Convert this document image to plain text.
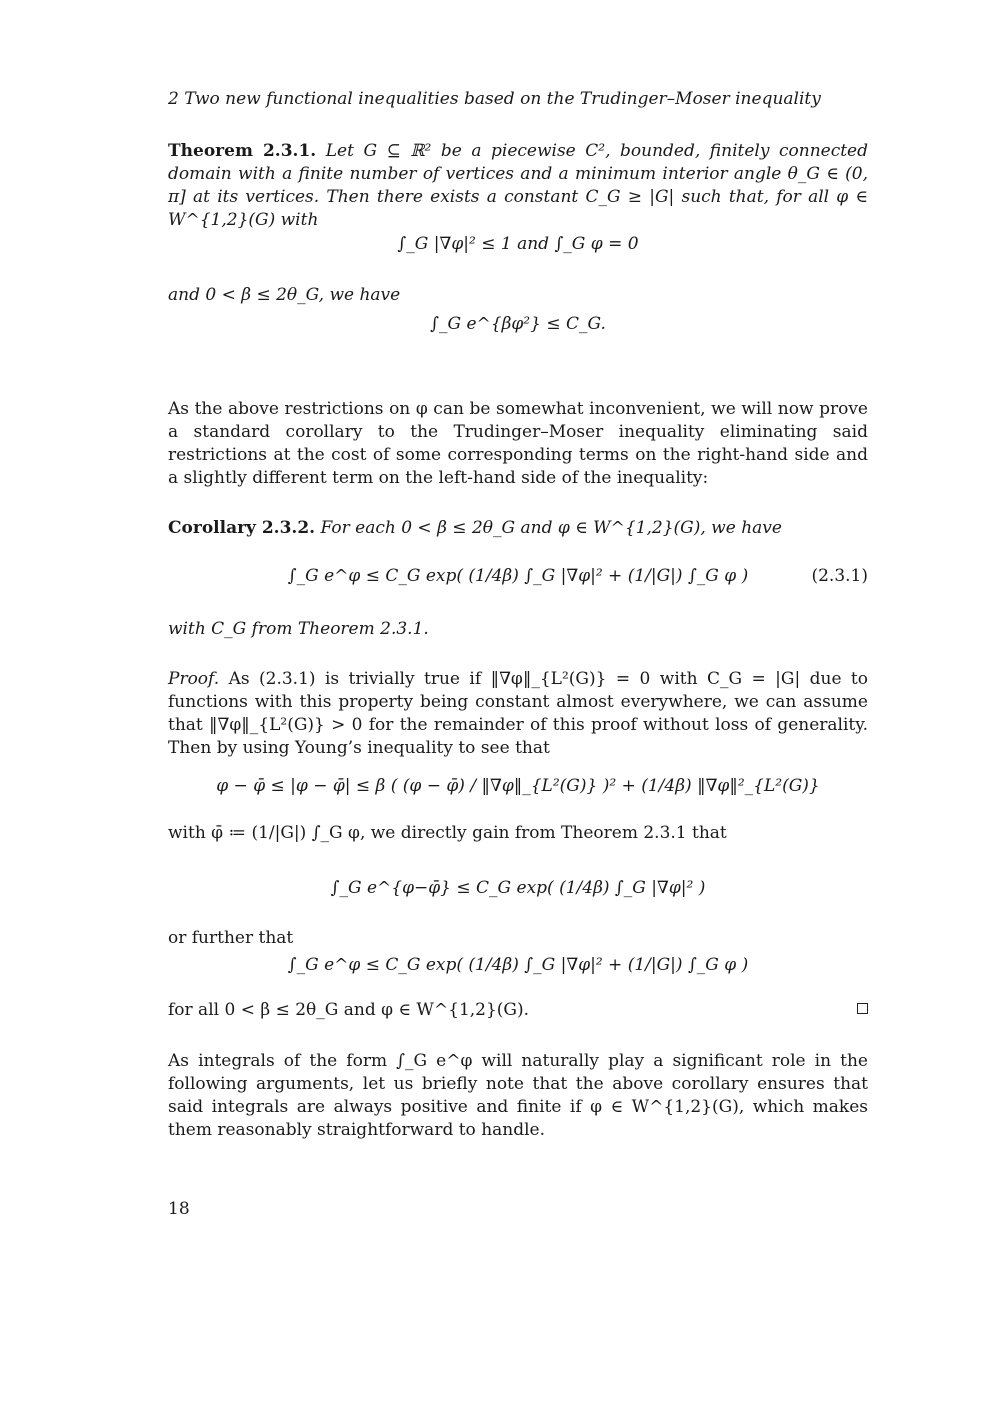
2 Two new functional inequalities based on the Trudinger–Moser inequality
Theorem 2.3.1. Let G ⊆ ℝ² be a piecewise C², bounded, finitely connected domain with a finite number of vertices and a minimum interior angle θ_G ∈ (0, π] at its vertices. Then there exists a constant C_G ≥ |G| such that, for all φ ∈ W^{1,2}(G) with
∫_G |∇φ|² ≤ 1 and ∫_G φ = 0
and 0 < β ≤ 2θ_G, we have
∫_G e^{βφ²} ≤ C_G.
As the above restrictions on φ can be somewhat inconvenient, we will now prove a standard corollary to the Trudinger–Moser inequality eliminating said restrictions at the cost of some corresponding terms on the right-hand side and a slightly different term on the left-hand side of the inequality:
Corollary 2.3.2. For each 0 < β ≤ 2θ_G and φ ∈ W^{1,2}(G), we have
∫_G e^φ ≤ C_G exp( (1/4β) ∫_G |∇φ|² + (1/|G|) ∫_G φ )	(2.3.1)
with C_G from Theorem 2.3.1.
Proof. As (2.3.1) is trivially true if ‖∇φ‖_{L²(G)} = 0 with C_G = |G| due to functions with this property being constant almost everywhere, we can assume that ‖∇φ‖_{L²(G)} > 0 for the remainder of this proof without loss of generality. Then by using Young’s inequality to see that
φ − φ̄ ≤ |φ − φ̄| ≤ β ( (φ − φ̄) / ‖∇φ‖_{L²(G)} )² + (1/4β) ‖∇φ‖²_{L²(G)}
with φ̄ ≔ (1/|G|) ∫_G φ, we directly gain from Theorem 2.3.1 that
∫_G e^{φ−φ̄} ≤ C_G exp( (1/4β) ∫_G |∇φ|² )
or further that
∫_G e^φ ≤ C_G exp( (1/4β) ∫_G |∇φ|² + (1/|G|) ∫_G φ )
for all 0 < β ≤ 2θ_G and φ ∈ W^{1,2}(G).
As integrals of the form ∫_G e^φ will naturally play a significant role in the following arguments, let us briefly note that the above corollary ensures that said integrals are always positive and finite if φ ∈ W^{1,2}(G), which makes them reasonably straightforward to handle.
18
